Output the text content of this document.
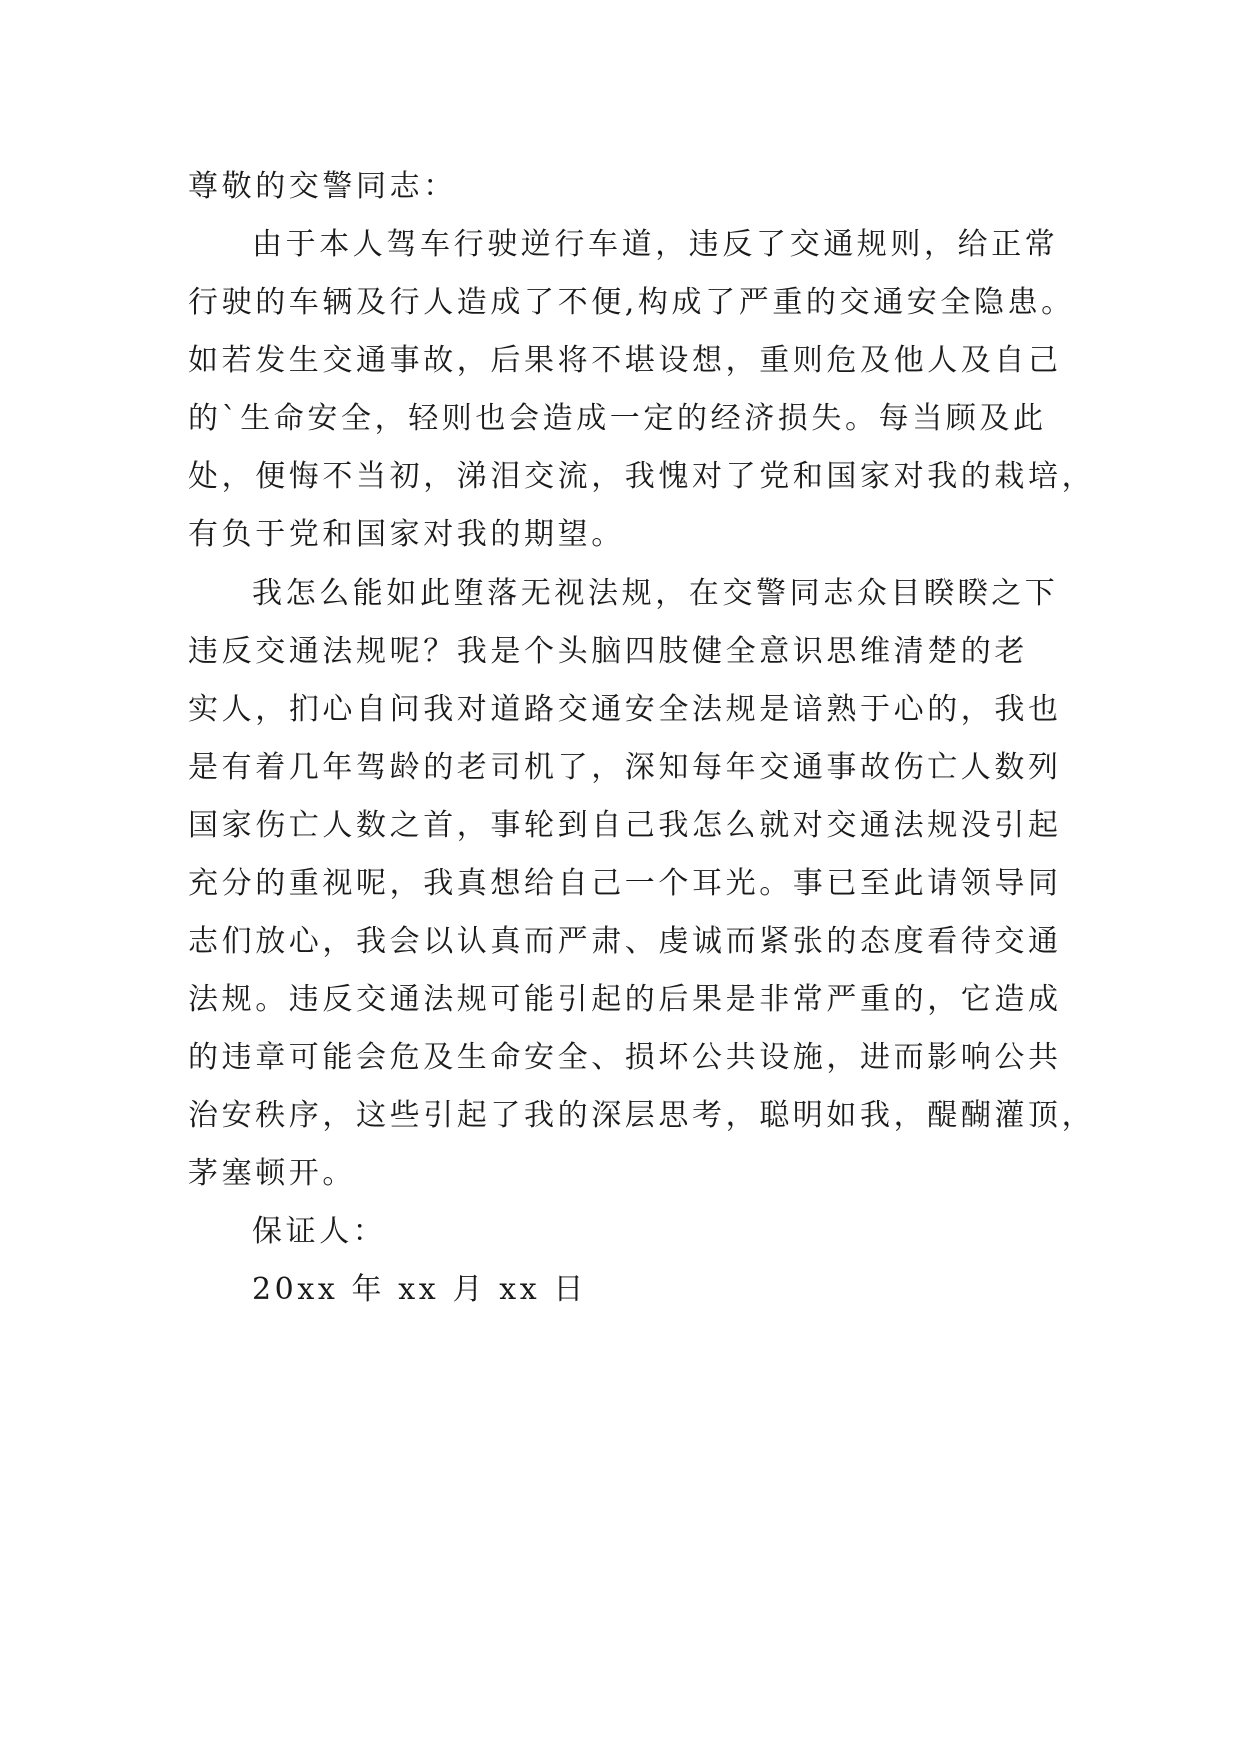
尊敬的交警同志：

由于本人驾车行驶逆行车道，违反了交通规则，给正常

行驶的车辆及行人造成了不便,构成了严重的交通安全隐患。

如若发生交通事故，后果将不堪设想，重则危及他人及自己

的`生命安全，轻则也会造成一定的经济损失。每当顾及此

处，便悔不当初，涕泪交流，我愧对了党和国家对我的栽培，

有负于党和国家对我的期望。

我怎么能如此堕落无视法规，在交警同志众目睽睽之下

违反交通法规呢？我是个头脑四肢健全意识思维清楚的老

实人，扪心自问我对道路交通安全法规是谙熟于心的，我也

是有着几年驾龄的老司机了，深知每年交通事故伤亡人数列

国家伤亡人数之首，事轮到自己我怎么就对交通法规没引起

充分的重视呢，我真想给自己一个耳光。事已至此请领导同

志们放心，我会以认真而严肃、虔诚而紧张的态度看待交通

法规。违反交通法规可能引起的后果是非常严重的，它造成

的违章可能会危及生命安全、损坏公共设施，进而影响公共

治安秩序，这些引起了我的深层思考，聪明如我，醍醐灌顶，

茅塞顿开。

保证人：

20xx 年 xx 月 xx 日
